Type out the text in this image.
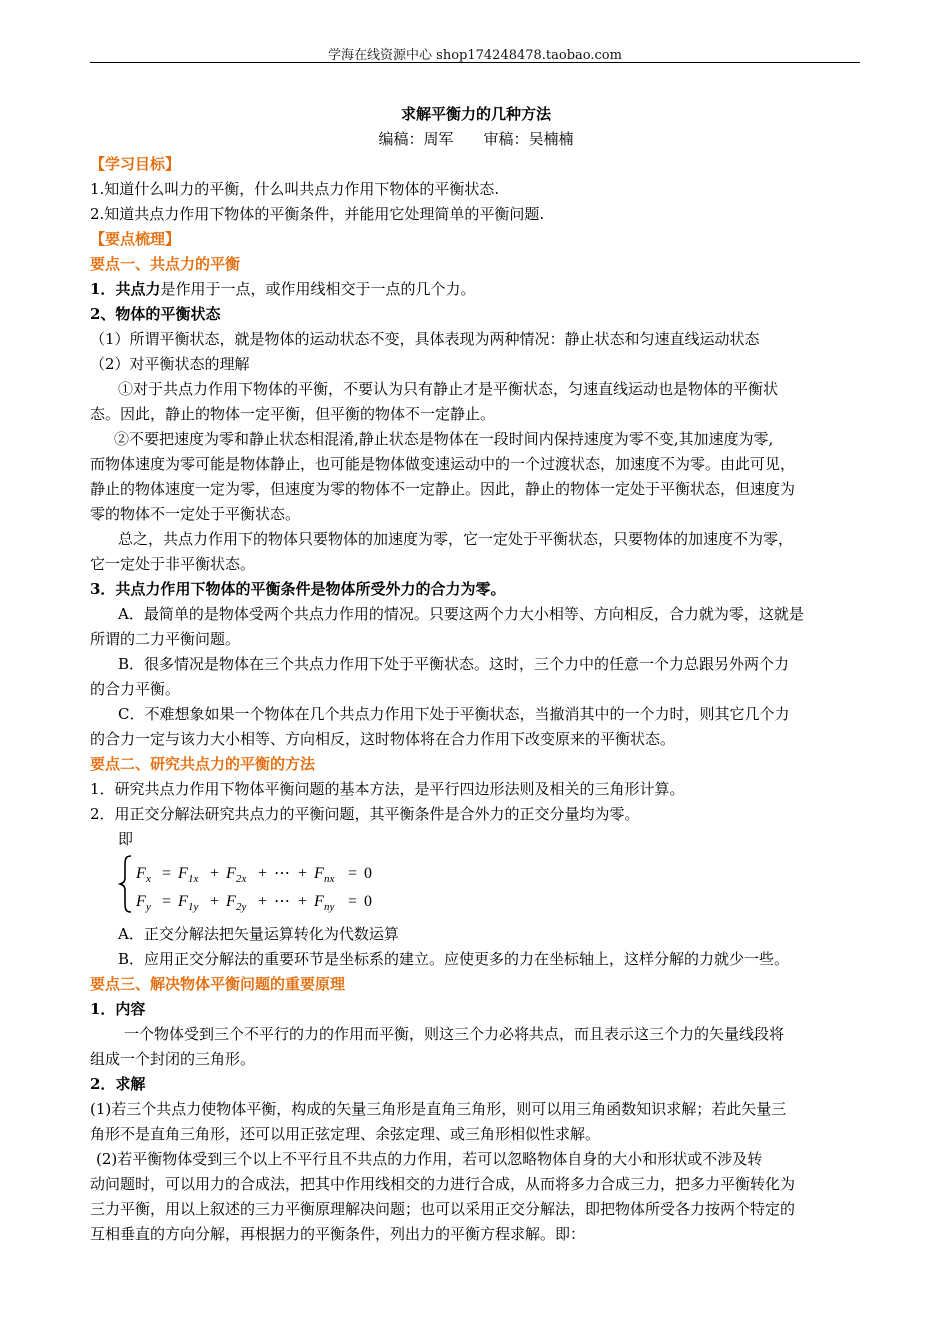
学海在线资源中心 shop174248478.taobao.com
求解平衡力的几种方法
编稿：周军　　审稿：吴楠楠
【学习目标】
1.知道什么叫力的平衡，什么叫共点力作用下物体的平衡状态.
2.知道共点力作用下物体的平衡条件，并能用它处理简单的平衡问题.
【要点梳理】
要点一、共点力的平衡
1．共点力是作用于一点，或作用线相交于一点的几个力。
2、物体的平衡状态
（1）所谓平衡状态，就是物体的运动状态不变，具体表现为两种情况：静止状态和匀速直线运动状态
（2）对平衡状态的理解
①对于共点力作用下物体的平衡，不要认为只有静止才是平衡状态，匀速直线运动也是物体的平衡状
态。因此，静止的物体一定平衡，但平衡的物体不一定静止。
②不要把速度为零和静止状态相混淆,静止状态是物体在一段时间内保持速度为零不变,其加速度为零,
而物体速度为零可能是物体静止，也可能是物体做变速运动中的一个过渡状态，加速度不为零。由此可见，
静止的物体速度一定为零，但速度为零的物体不一定静止。因此，静止的物体一定处于平衡状态，但速度为
零的物体不一定处于平衡状态。
总之，共点力作用下的物体只要物体的加速度为零，它一定处于平衡状态，只要物体的加速度不为零，
它一定处于非平衡状态。
3．共点力作用下物体的平衡条件是物体所受外力的合力为零。
A．最简单的是物体受两个共点力作用的情况。只要这两个力大小相等、方向相反，合力就为零，这就是
所谓的二力平衡问题。
B．很多情况是物体在三个共点力作用下处于平衡状态。这时，三个力中的任意一个力总跟另外两个力
的合力平衡。
C．不难想象如果一个物体在几个共点力作用下处于平衡状态，当撤消其中的一个力时，则其它几个力
的合力一定与该力大小相等、方向相反，这时物体将在合力作用下改变原来的平衡状态。
要点二、研究共点力的平衡的方法
1．研究共点力作用下物体平衡问题的基本方法，是平行四边形法则及相关的三角形计算。
2．用正交分解法研究共点力的平衡问题，其平衡条件是合外力的正交分量均为零。
即
Fx = F1x + F2x + ⋯ + Fnx = 0
Fy = F1y + F2y + ⋯ + Fny = 0
A．正交分解法把矢量运算转化为代数运算
B．应用正交分解法的重要环节是坐标系的建立。应使更多的力在坐标轴上，这样分解的力就少一些。
要点三、解决物体平衡问题的重要原理
1．内容
一个物体受到三个不平行的力的作用而平衡，则这三个力必将共点，而且表示这三个力的矢量线段将
组成一个封闭的三角形。
2．求解
(1)若三个共点力使物体平衡，构成的矢量三角形是直角三角形，则可以用三角函数知识求解；若此矢量三
角形不是直角三角形，还可以用正弦定理、余弦定理、或三角形相似性求解。
(2)若平衡物体受到三个以上不平行且不共点的力作用，若可以忽略物体自身的大小和形状或不涉及转
动问题时，可以用力的合成法，把其中作用线相交的力进行合成，从而将多力合成三力，把多力平衡转化为
三力平衡，用以上叙述的三力平衡原理解决问题；也可以采用正交分解法，即把物体所受各力按两个特定的
互相垂直的方向分解，再根据力的平衡条件，列出力的平衡方程求解。即：
